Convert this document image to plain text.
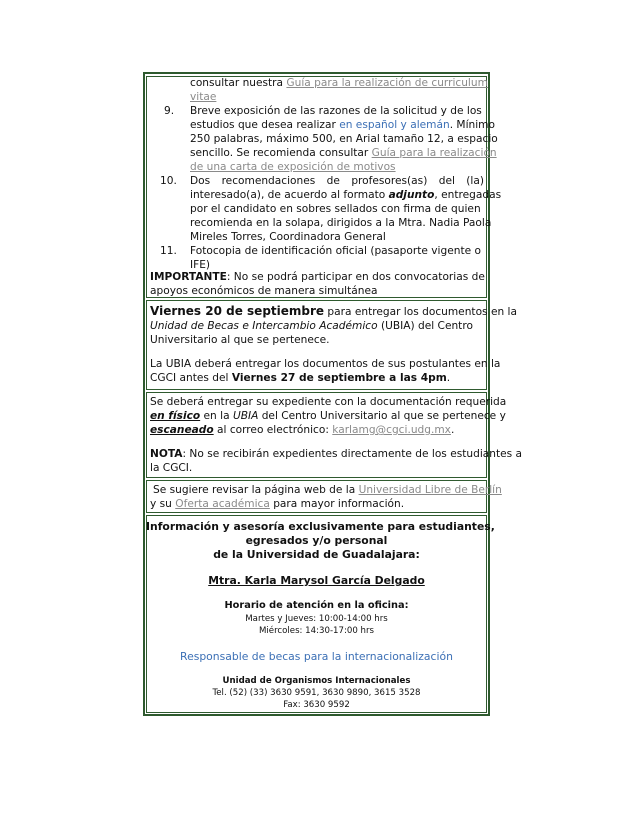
consultar nuestra Guía para la realización de curriculum
vitae
9. Breve exposición de las razones de la solicitud y de los
estudios que desea realizar en español y alemán. Mínimo
250 palabras, máximo 500, en Arial tamaño 12, a espacio
sencillo. Se recomienda consultar Guía para la realización
de una carta de exposición de motivos
10. Dos recomendaciones de profesores(as) del (la)
interesado(a), de acuerdo al formato adjunto, entregadas
por el candidato en sobres sellados con firma de quien
recomienda en la solapa, dirigidos a la Mtra. Nadia Paola
Mireles Torres, Coordinadora General
11. Fotocopia de identificación oficial (pasaporte vigente o
IFE)
IMPORTANTE: No se podrá participar en dos convocatorias de
apoyos económicos de manera simultánea
Viernes 20 de septiembre para entregar los documentos en la
Unidad de Becas e Intercambio Académico (UBIA) del Centro
Universitario al que se pertenece.
La UBIA deberá entregar los documentos de sus postulantes en la
CGCI antes del Viernes 27 de septiembre a las 4pm.
Se deberá entregar su expediente con la documentación requerida
en físico en la UBIA del Centro Universitario al que se pertenece y
escaneado al correo electrónico: karlamg@cgci.udg.mx.
NOTA: No se recibirán expedientes directamente de los estudiantes a
la CGCI.
Se sugiere revisar la página web de la Universidad Libre de Berlín
y su Oferta académica para mayor información.
Información y asesoría exclusivamente para estudiantes,
egresados y/o personal
de la Universidad de Guadalajara:
Mtra. Karla Marysol García Delgado
Horario de atención en la oficina:
Martes y Jueves: 10:00-14:00 hrs
Miércoles: 14:30-17:00 hrs
Responsable de becas para la internacionalización
Unidad de Organismos Internacionales
Tel. (52) (33) 3630 9591, 3630 9890, 3615 3528
Fax: 3630 9592
